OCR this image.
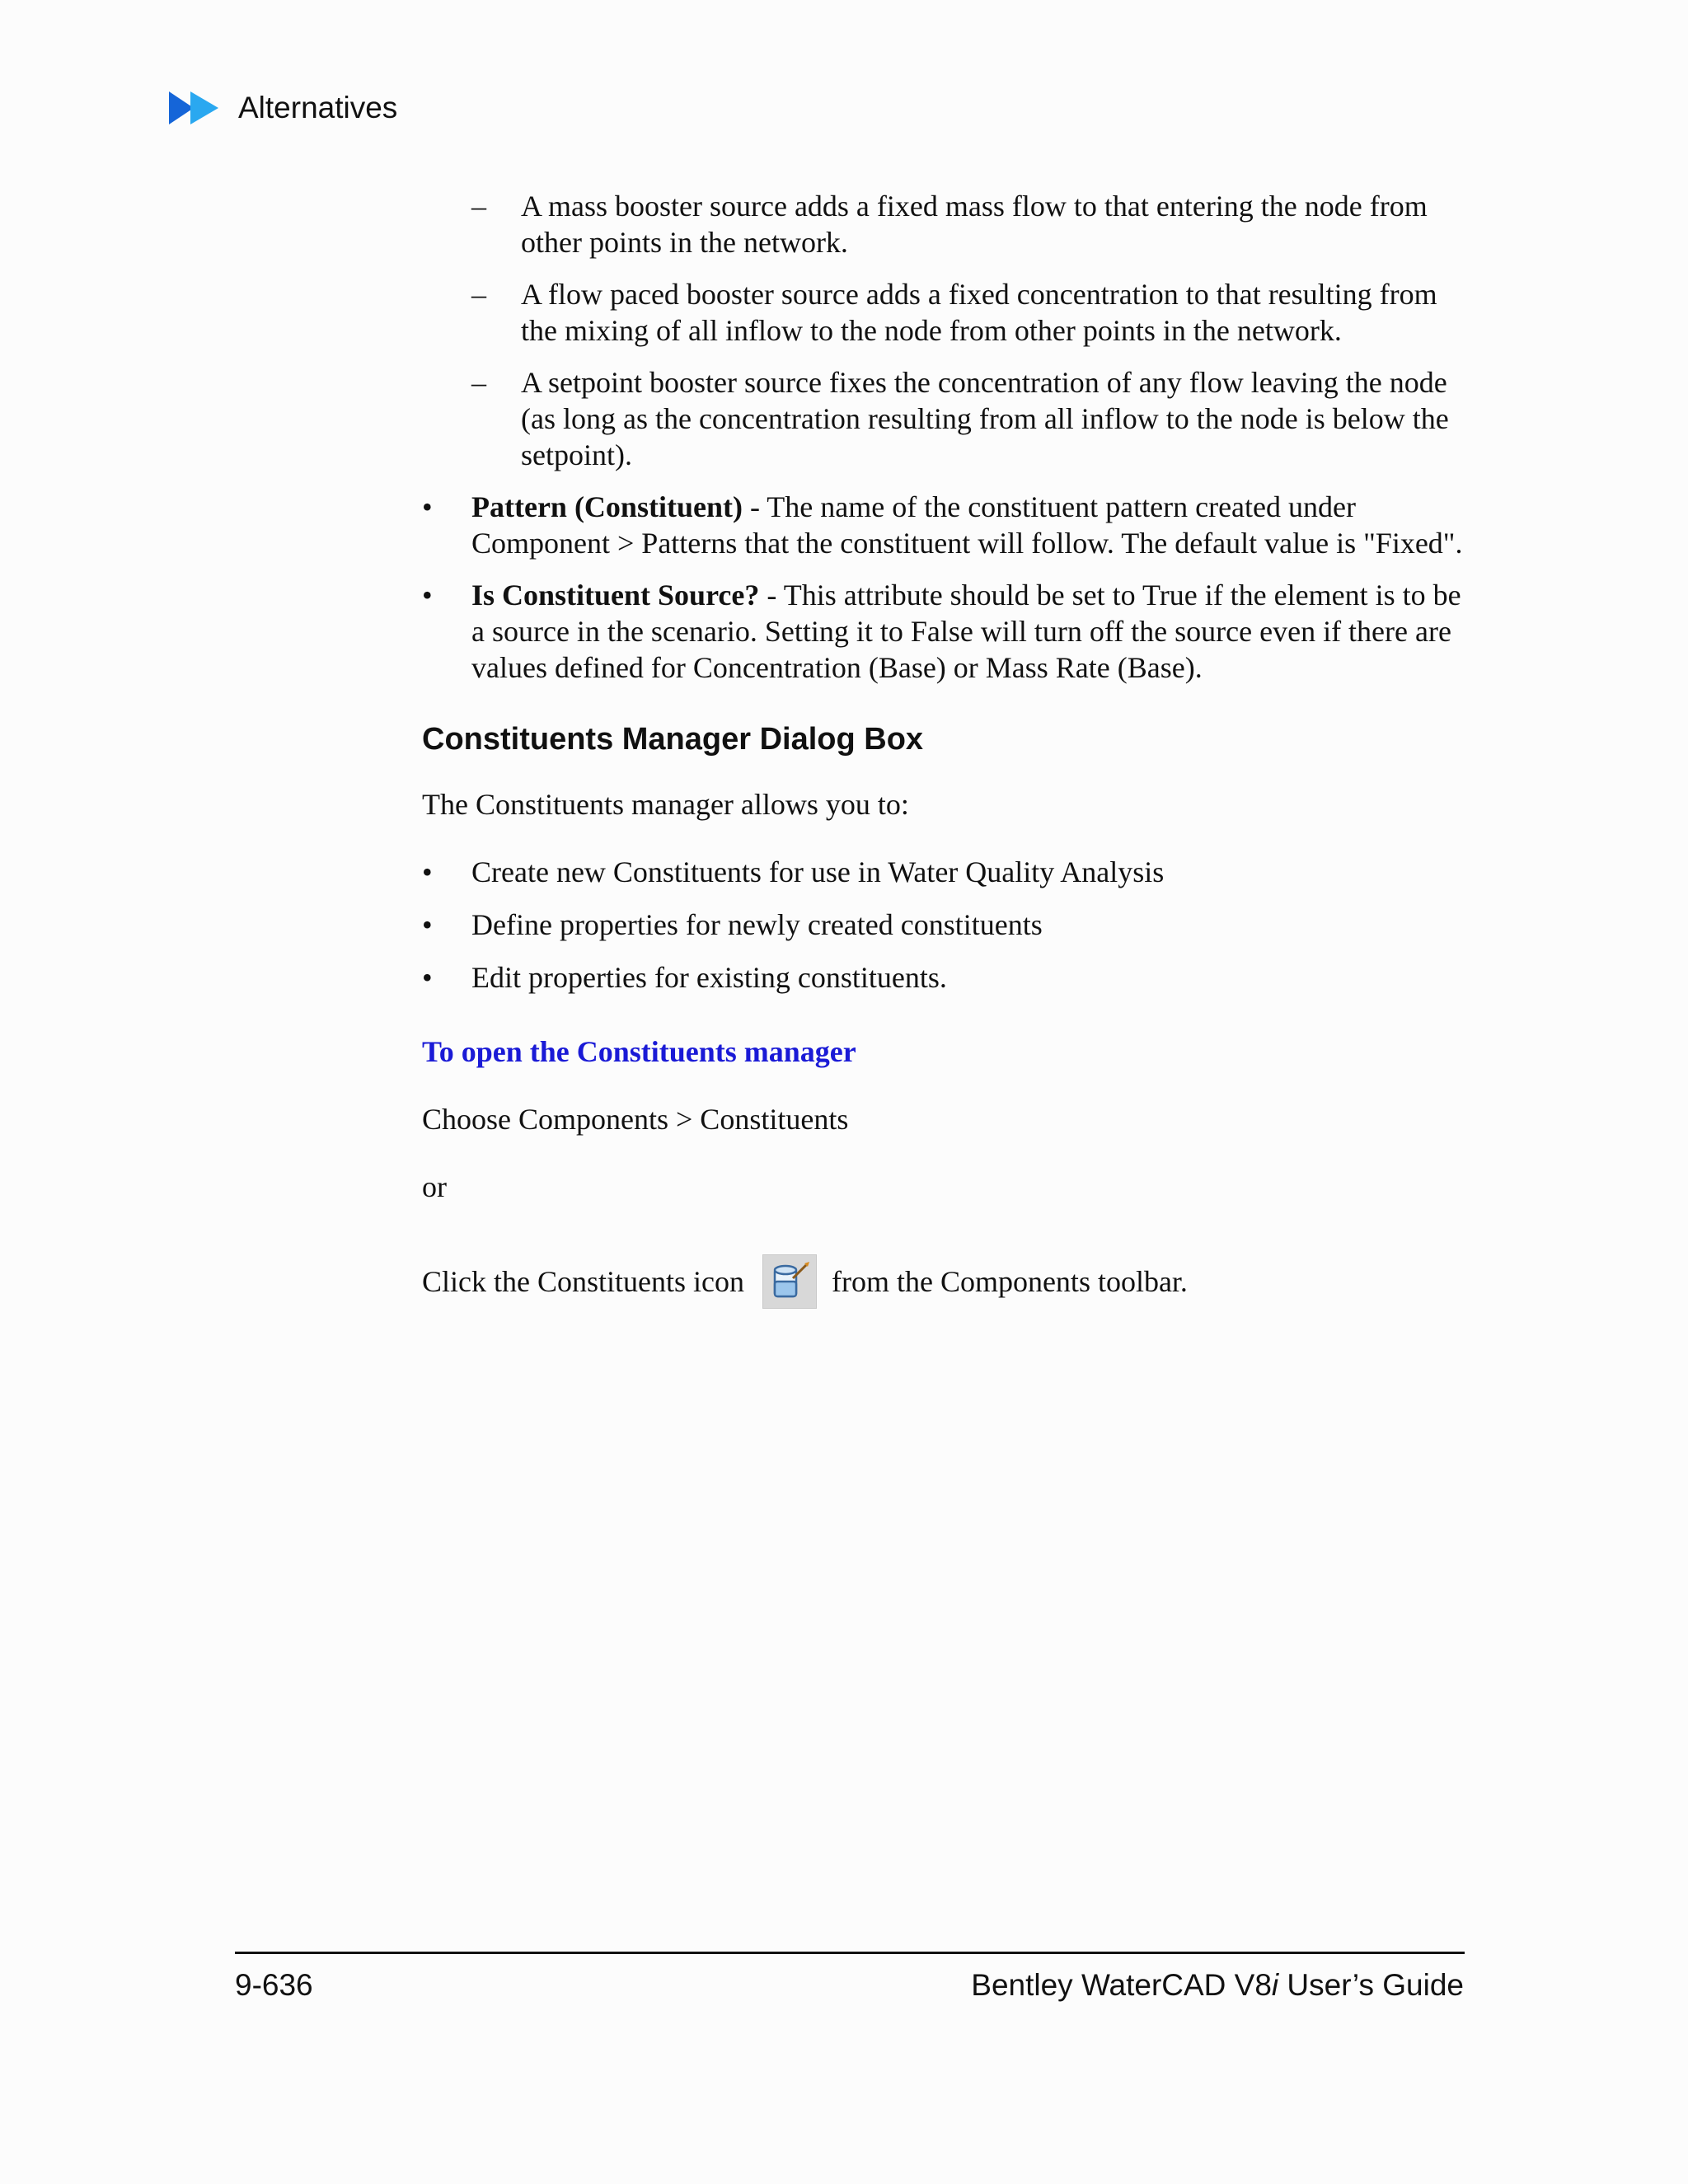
Alternatives
– A mass booster source adds a fixed mass flow to that entering the node from other points in the network.
– A flow paced booster source adds a fixed concentration to that resulting from the mixing of all inflow to the node from other points in the network.
– A setpoint booster source fixes the concentration of any flow leaving the node (as long as the concentration resulting from all inflow to the node is below the setpoint).
• Pattern (Constituent) - The name of the constituent pattern created under Component > Patterns that the constituent will follow. The default value is "Fixed".
• Is Constituent Source? - This attribute should be set to True if the element is to be a source in the scenario. Setting it to False will turn off the source even if there are values defined for Concentration (Base) or Mass Rate (Base).
Constituents Manager Dialog Box
The Constituents manager allows you to:
• Create new Constituents for use in Water Quality Analysis
• Define properties for newly created constituents
• Edit properties for existing constituents.
To open the Constituents manager
Choose Components > Constituents
or
Click the Constituents icon	from the Components toolbar.
9-636	Bentley WaterCAD V8i User’s Guide
